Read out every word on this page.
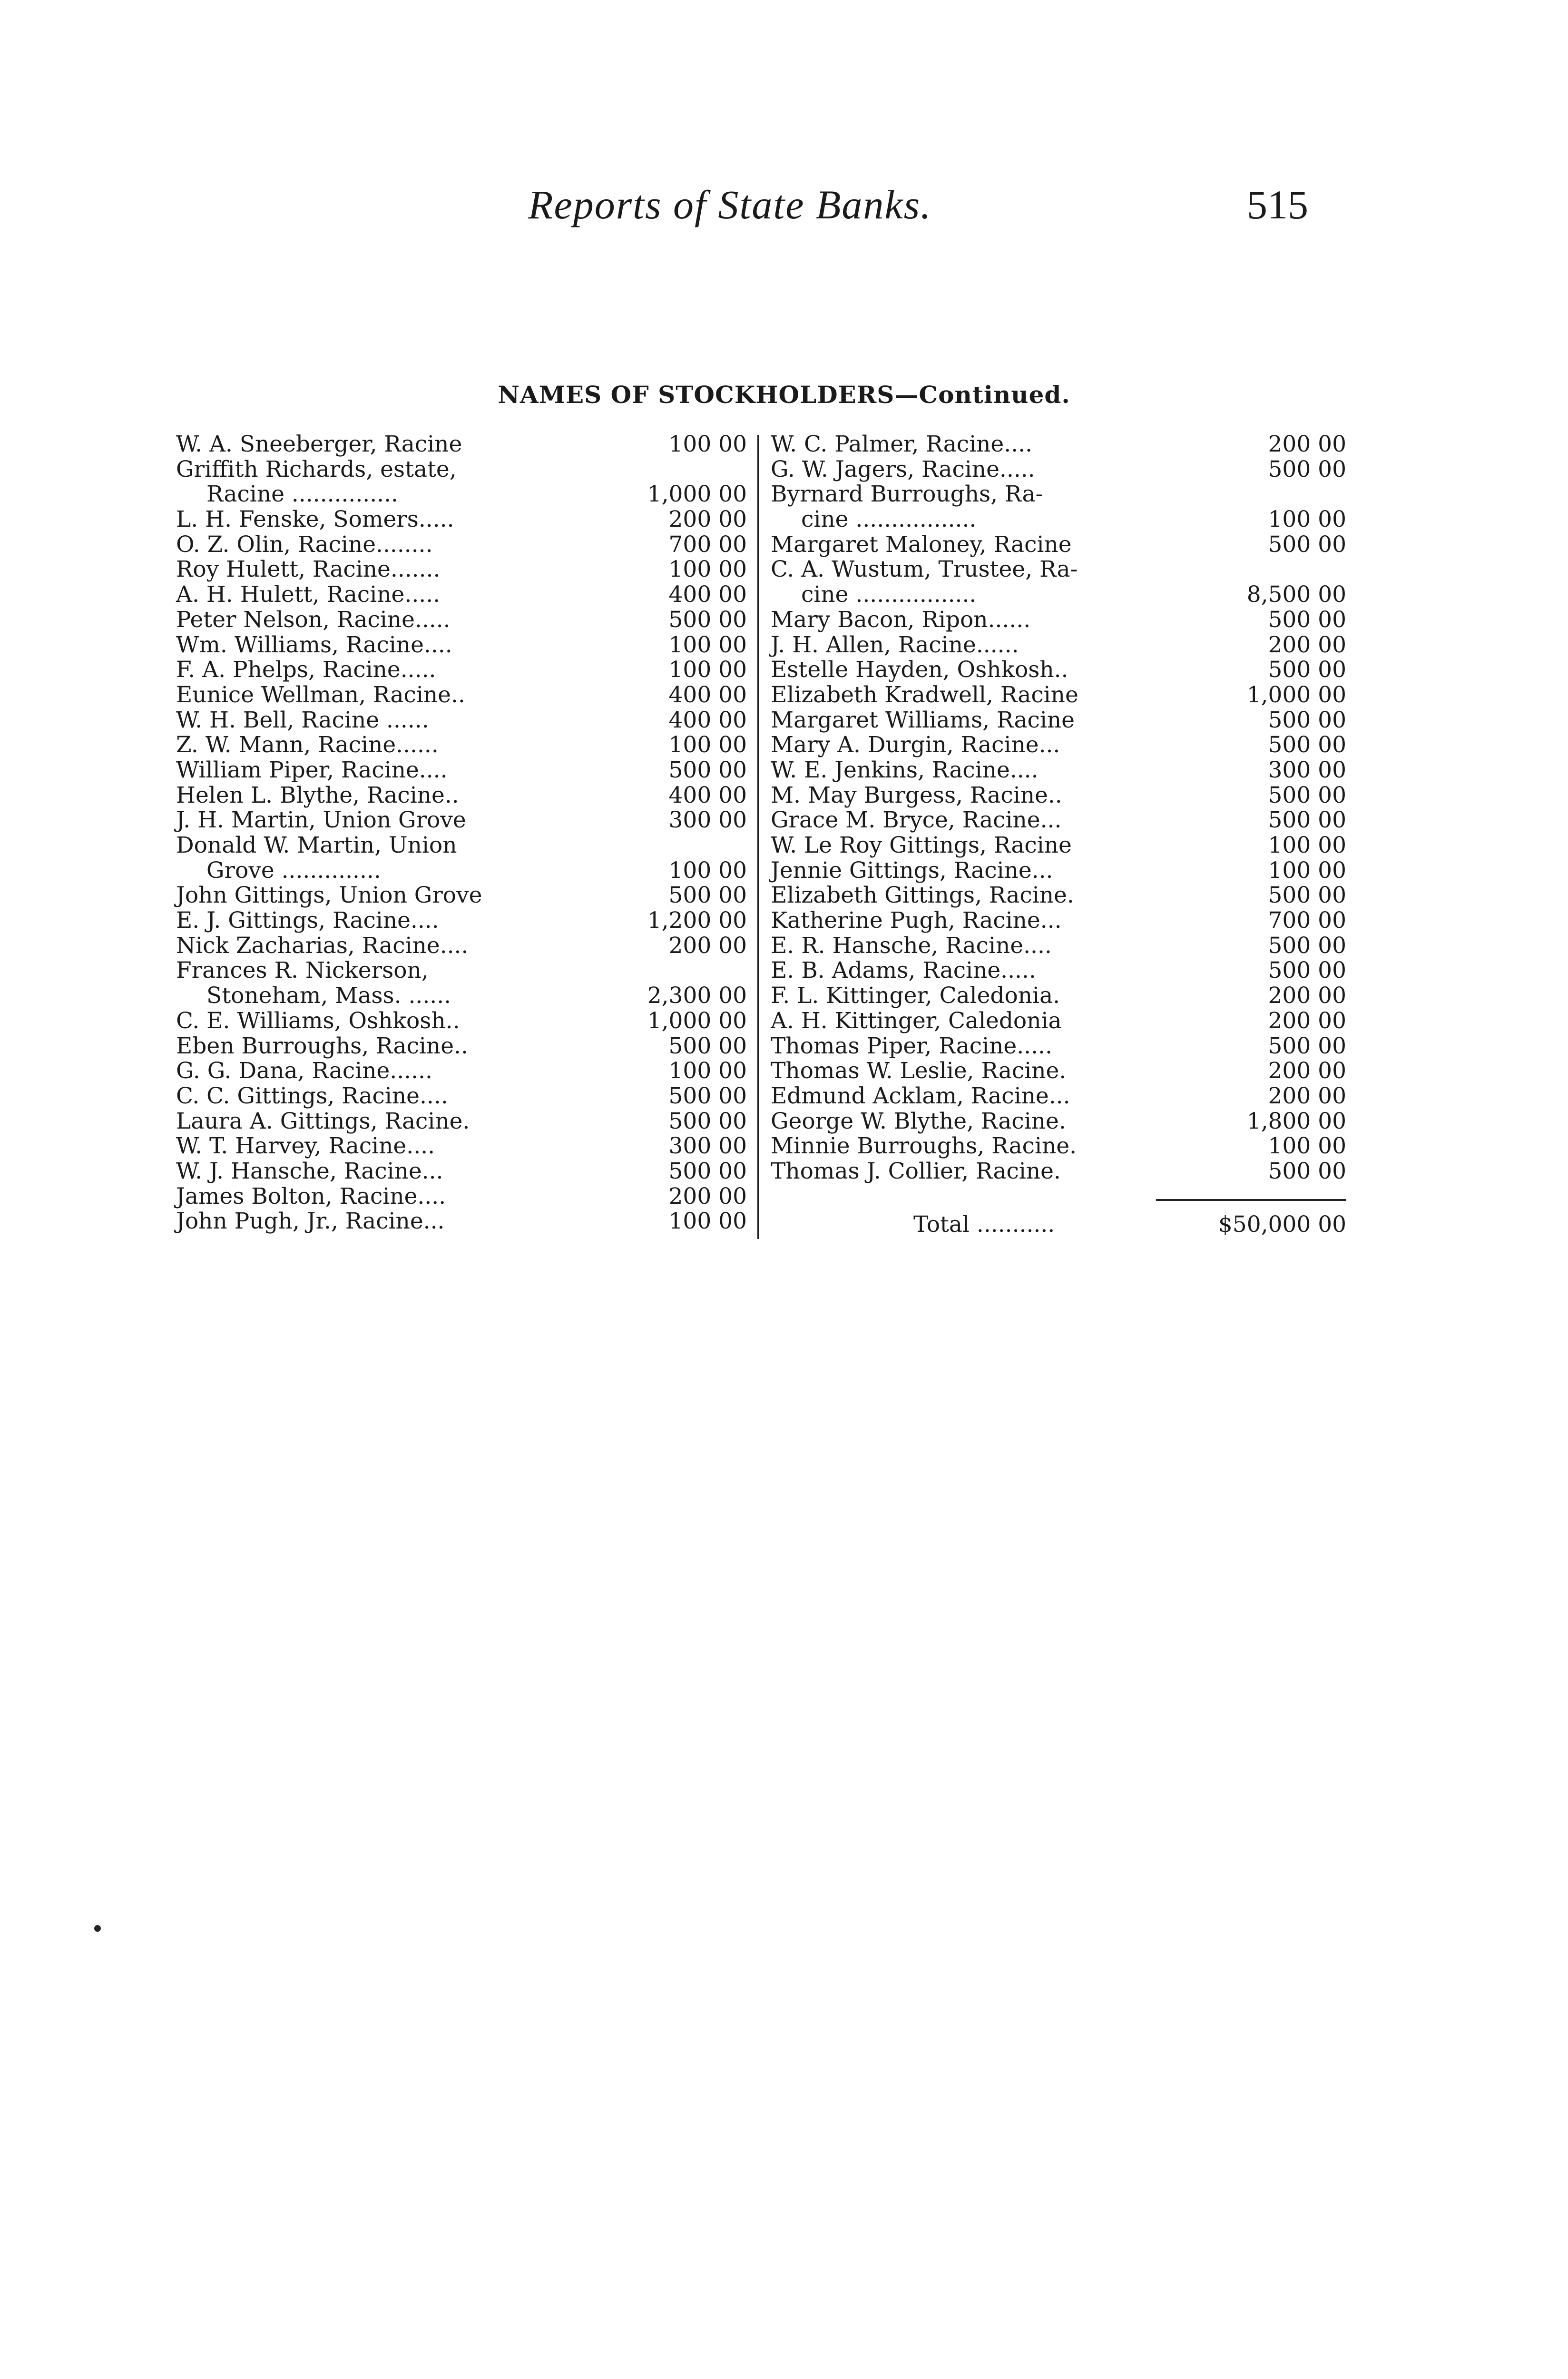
Reports of State Banks.	515
NAMES OF STOCKHOLDERS—Continued.
W. A. Sneeberger, Racine	100 00
Griffith Richards, estate,
Racine ...............	1,000 00
L. H. Fenske, Somers.....	200 00
O. Z. Olin, Racine........	700 00
Roy Hulett, Racine.......	100 00
A. H. Hulett, Racine.....	400 00
Peter Nelson, Racine.....	500 00
Wm. Williams, Racine....	100 00
F. A. Phelps, Racine.....	100 00
Eunice Wellman, Racine..	400 00
W. H. Bell, Racine ......	400 00
Z. W. Mann, Racine......	100 00
William Piper, Racine....	500 00
Helen L. Blythe, Racine..	400 00
J. H. Martin, Union Grove	300 00
Donald W. Martin, Union
Grove ..............	100 00
John Gittings, Union Grove	500 00
E. J. Gittings, Racine....	1,200 00
Nick Zacharias, Racine....	200 00
Frances R. Nickerson,
Stoneham, Mass. ......	2,300 00
C. E. Williams, Oshkosh..	1,000 00
Eben Burroughs, Racine..	500 00
G. G. Dana, Racine......	100 00
C. C. Gittings, Racine....	500 00
Laura A. Gittings, Racine.	500 00
W. T. Harvey, Racine....	300 00
W. J. Hansche, Racine...	500 00
James Bolton, Racine....	200 00
John Pugh, Jr., Racine...	100 00
W. C. Palmer, Racine....	200 00
G. W. Jagers, Racine.....	500 00
Byrnard Burroughs, Ra-
cine .................	100 00
Margaret Maloney, Racine	500 00
C. A. Wustum, Trustee, Ra-
cine .................	8,500 00
Mary Bacon, Ripon......	500 00
J. H. Allen, Racine......	200 00
Estelle Hayden, Oshkosh..	500 00
Elizabeth Kradwell, Racine	1,000 00
Margaret Williams, Racine	500 00
Mary A. Durgin, Racine...	500 00
W. E. Jenkins, Racine....	300 00
M. May Burgess, Racine..	500 00
Grace M. Bryce, Racine...	500 00
W. Le Roy Gittings, Racine	100 00
Jennie Gittings, Racine...	100 00
Elizabeth Gittings, Racine.	500 00
Katherine Pugh, Racine...	700 00
E. R. Hansche, Racine....	500 00
E. B. Adams, Racine.....	500 00
F. L. Kittinger, Caledonia.	200 00
A. H. Kittinger, Caledonia	200 00
Thomas Piper, Racine.....	500 00
Thomas W. Leslie, Racine.	200 00
Edmund Acklam, Racine...	200 00
George W. Blythe, Racine.	1,800 00
Minnie Burroughs, Racine.	100 00
Thomas J. Collier, Racine.	500 00
Total ...........	$50,000 00
